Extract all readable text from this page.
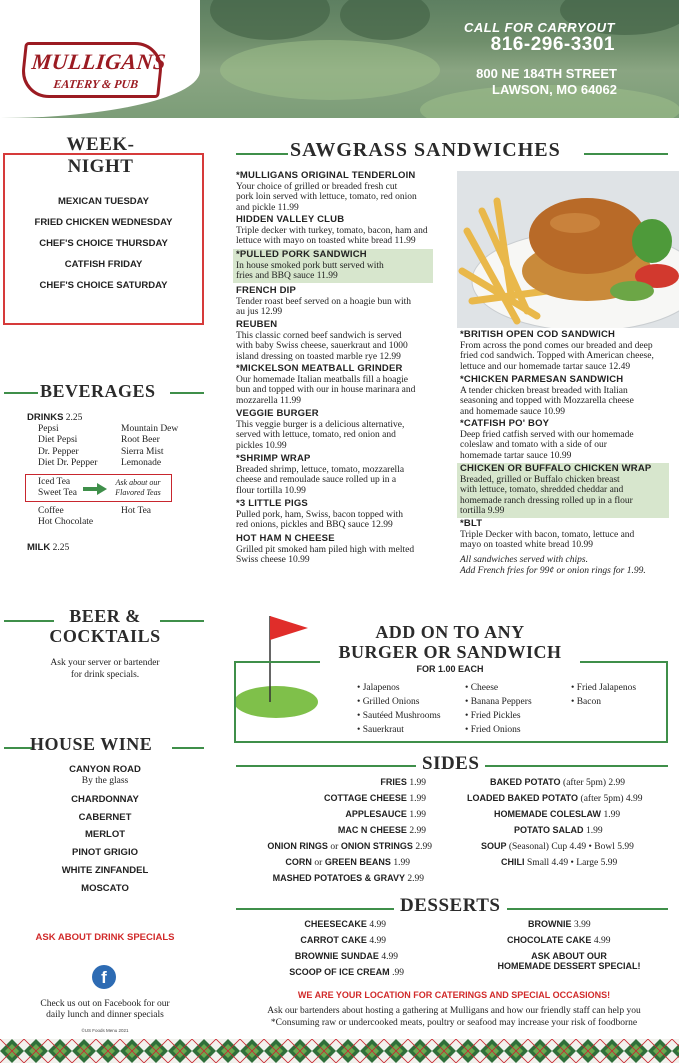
MULLIGANS
EATERY & PUB
CALL FOR CARRYOUT
816-296-3301
800 NE 184TH STREET
LAWSON, MO 64062
WEEK-
NIGHT
MEXICAN TUESDAY
FRIED CHICKEN WEDNESDAY
CHEF'S CHOICE THURSDAY
CATFISH FRIDAY
CHEF'S CHOICE SATURDAY
BEVERAGES
DRINKS 2.25
Pepsi
Diet Pepsi
Dr. Pepper
Diet Dr. Pepper
Mountain Dew
Root Beer
Sierra Mist
Lemonade
Iced Tea
Sweet Tea
Ask about our Flavored Teas
Coffee
Hot Chocolate
Hot Tea
MILK 2.25
BEER &
COCKTAILS
Ask your server or bartender
for drink specials.
HOUSE WINE
CANYON ROAD
By the glass
CHARDONNAY
CABERNET
MERLOT
PINOT GRIGIO
WHITE ZINFANDEL
MOSCATO
ASK ABOUT DRINK SPECIALS
f
Check us out on Facebook for our
daily lunch and dinner specials
©US Foods Menu 2021
SAWGRASS SANDWICHES
*MULLIGANS ORIGINAL TENDERLOIN
Your choice of grilled or breaded fresh cut
pork loin served with lettuce, tomato, red onion
and pickle 11.99
HIDDEN VALLEY CLUB
Triple decker with turkey, tomato, bacon, ham and
lettuce with mayo on toasted white bread 11.99
*PULLED PORK SANDWICH
In house smoked pork butt served with
fries and BBQ sauce 11.99
FRENCH DIP
Tender roast beef served on a hoagie bun with
au jus 12.99
REUBEN
This classic corned beef sandwich is served
with baby Swiss cheese, sauerkraut and 1000
island dressing on toasted marble rye 12.99
*MICKELSON MEATBALL GRINDER
Our homemade Italian meatballs fill a hoagie
bun and topped with our in house marinara and
mozzarella 11.99
VEGGIE BURGER
This veggie burger is a delicious alternative,
served with lettuce, tomato, red onion and
pickles 10.99
*SHRIMP WRAP
Breaded shrimp, lettuce, tomato, mozzarella
cheese and remoulade sauce rolled up in a
flour tortilla 10.99
*3 LITTLE PIGS
Pulled pork, ham, Swiss, bacon topped with
red onions, pickles and BBQ sauce 12.99
HOT HAM N CHEESE
Grilled pit smoked ham piled high with melted
Swiss cheese 10.99
*BRITISH OPEN COD SANDWICH
From across the pond comes our breaded and deep
fried cod sandwich. Topped with American cheese,
lettuce and our homemade tartar sauce 12.49
*CHICKEN PARMESAN SANDWICH
A tender chicken breast breaded with Italian
seasoning and topped with Mozzarella cheese
and homemade sauce 10.99
*CATFISH PO' BOY
Deep fried catfish served with our homemade
coleslaw and tomato with a side of our
homemade tartar sauce 10.99
CHICKEN OR BUFFALO CHICKEN WRAP
Breaded, grilled or Buffalo chicken breast
with lettuce, tomato, shredded cheddar and
homemade ranch dressing rolled up in a flour
tortilla 9.99
*BLT
Triple Decker with bacon, tomato, lettuce and
mayo on toasted white bread 10.99
All sandwiches served with chips.
Add French fries for 99¢ or onion rings for 1.99.
ADD ON TO ANY
BURGER OR SANDWICH
FOR 1.00 EACH
• Jalapenos
• Grilled Onions
• Sautéed Mushrooms
• Sauerkraut
• Cheese
• Banana Peppers
• Fried Pickles
• Fried Onions
• Fried Jalapenos
• Bacon
SIDES
FRIES 1.99
COTTAGE CHEESE 1.99
APPLESAUCE 1.99
MAC N CHEESE 2.99
ONION RINGS or ONION STRINGS 2.99
CORN or GREEN BEANS 1.99
MASHED POTATOES & GRAVY 2.99
BAKED POTATO (after 5pm) 2.99
LOADED BAKED POTATO (after 5pm) 4.99
HOMEMADE COLESLAW 1.99
POTATO SALAD 1.99
SOUP (Seasonal) Cup 4.49 • Bowl 5.99
CHILI Small 4.49 • Large 5.99
DESSERTS
CHEESECAKE 4.99
CARROT CAKE 4.99
BROWNIE SUNDAE 4.99
SCOOP OF ICE CREAM .99
BROWNIE 3.99
CHOCOLATE CAKE 4.99
ASK ABOUT OUR
HOMEMADE DESSERT SPECIAL!
WE ARE YOUR LOCATION FOR CATERINGS AND SPECIAL OCCASIONS!
Ask our bartenders about hosting a gathering at Mulligans and how our friendly staff can help you
*Consuming raw or undercooked meats, poultry or seafood may increase your risk of foodborne
